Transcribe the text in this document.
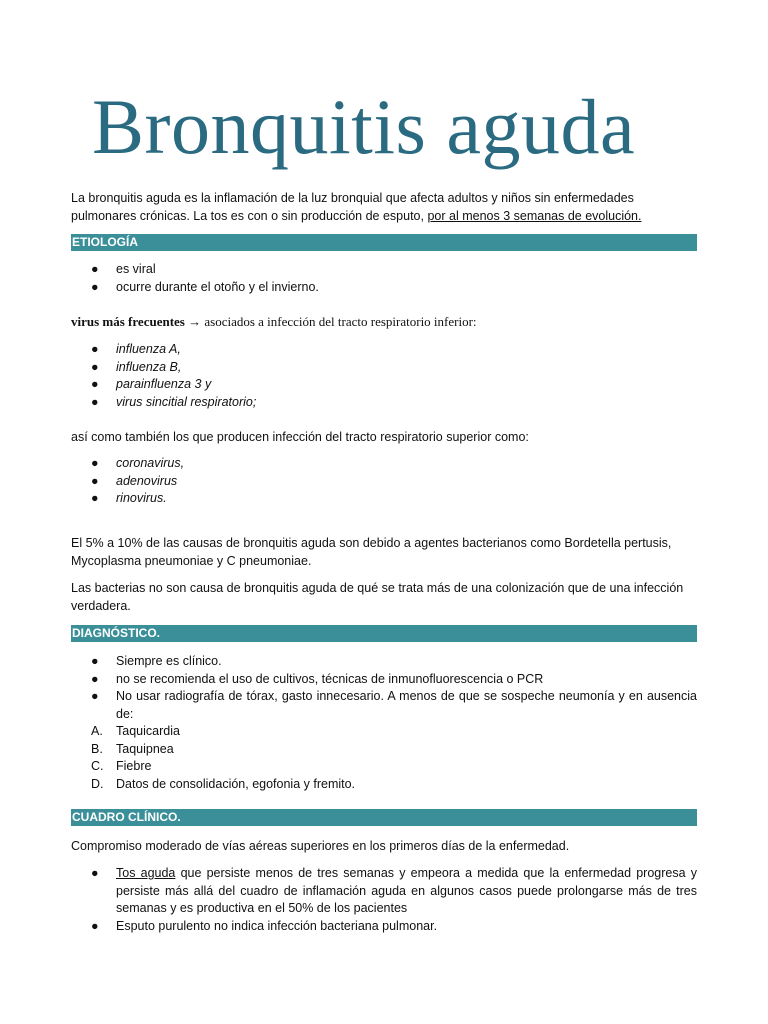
Bronquitis aguda
La bronquitis aguda es la inflamación de la luz bronquial que afecta adultos y niños sin enfermedades pulmonares crónicas. La tos es con o sin producción de esputo, por al menos 3 semanas de evolución.
ETIOLOGÍA
● es viral
● ocurre durante el otoño y el invierno.
virus más frecuentes → asociados a infección del tracto respiratorio inferior:
● influenza A,
● influenza B,
● parainfluenza 3 y
● virus sincitial respiratorio;
así como también los que producen infección del tracto respiratorio superior como:
● coronavirus,
● adenovirus
● rinovirus.
El 5% a 10% de las causas de bronquitis aguda son debido a agentes bacterianos como Bordetella pertusis, Mycoplasma pneumoniae y C pneumoniae.
Las bacterias no son causa de bronquitis aguda de qué se trata más de una colonización que de una infección verdadera.
DIAGNÓSTICO.
● Siempre es clínico.
● no se recomienda el uso de cultivos, técnicas de inmunofluorescencia o PCR
● No usar radiografía de tórax, gasto innecesario. A menos de que se sospeche neumonía y en ausencia de:
A. Taquicardia
B. Taquipnea
C. Fiebre
D. Datos de consolidación, egofonia y fremito.
CUADRO CLÍNICO.
Compromiso moderado de vías aéreas superiores en los primeros días de la enfermedad.
● Tos aguda que persiste menos de tres semanas y empeora a medida que la enfermedad progresa y persiste más allá del cuadro de inflamación aguda en algunos casos puede prolongarse más de tres semanas y es productiva en el 50% de los pacientes
● Esputo purulento no indica infección bacteriana pulmonar.
